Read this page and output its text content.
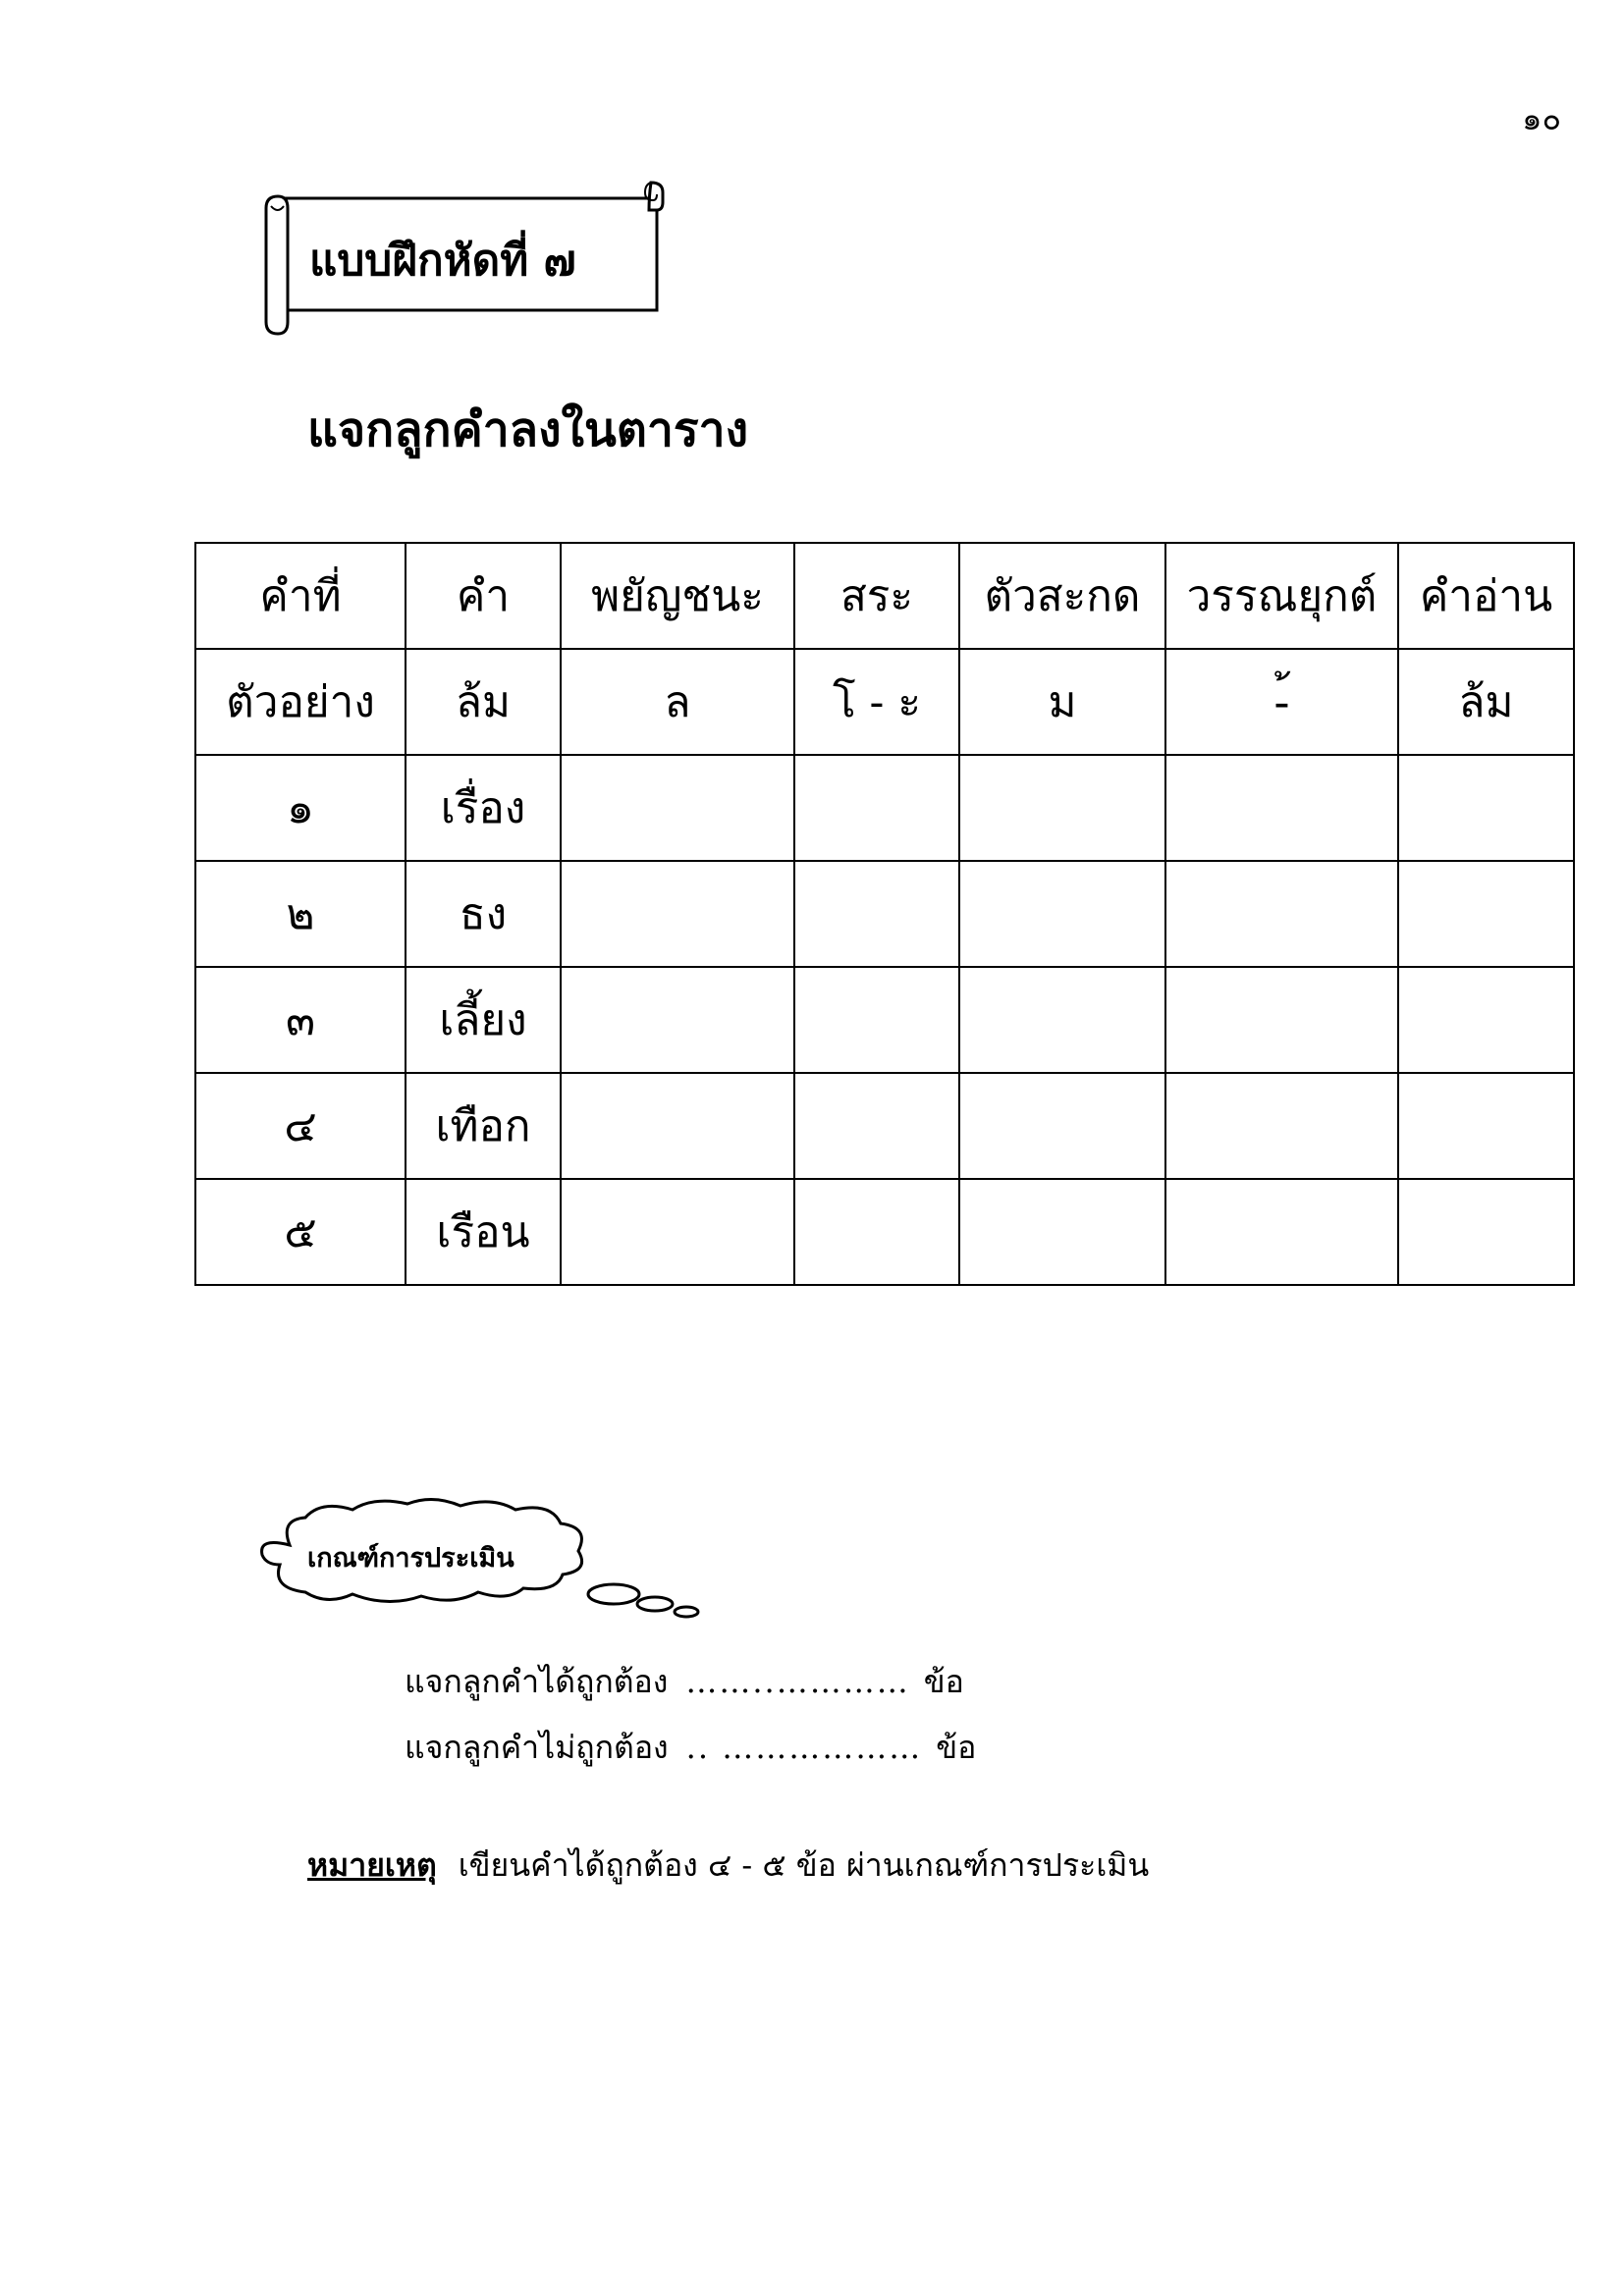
๑๐
แบบฝึกหัดที่ ๗
แจกลูกคำลงในตาราง
คำที่	คำ	พยัญชนะ	สระ	ตัวสะกด	วรรณยุกต์	คำอ่าน
ตัวอย่าง	ล้ม	ล	โ - ะ	ม	-้	ล้ม
๑	เรื่อง					
๒	ธง					
๓	เลี้ยง					
๔	เทือก					
๕	เรือน					
เกณฑ์การประเมิน
แจกลูกคำได้ถูกต้อง ……..………… ข้อ
แจกลูกคำไม่ถูกต้อง .. ……………… ข้อ
หมายเหตุ เขียนคำได้ถูกต้อง ๔ - ๕ ข้อ ผ่านเกณฑ์การประเมิน
